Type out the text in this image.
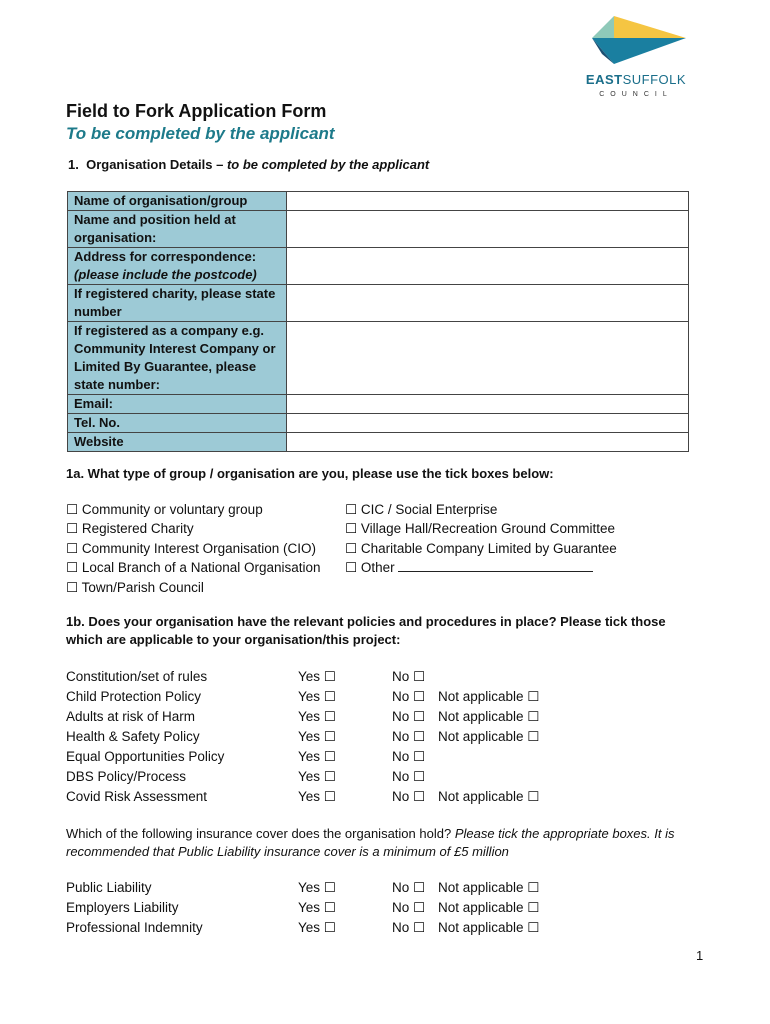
EASTSUFFOLK
COUNCIL
Field to Fork Application Form
To be completed by the applicant
1. Organisation Details – to be completed by the applicant
Name of organisation/group	
Name and position held at organisation:	
Address for correspondence:
(please include the postcode)	
If registered charity, please state number	
If registered as a company e.g. Community Interest Company or Limited By Guarantee, please state number:	
Email:	
Tel. No.	
Website	
1a. What type of group / organisation are you, please use the tick boxes below:
☐ Community or voluntary group
☐ Registered Charity
☐ Community Interest Organisation (CIO)
☐ Local Branch of a National Organisation
☐ Town/Parish Council
☐ CIC / Social Enterprise
☐ Village Hall/Recreation Ground Committee
☐ Charitable Company Limited by Guarantee
☐ Other
1b. Does your organisation have the relevant policies and procedures in place? Please tick those which are applicable to your organisation/this project:
Constitution/set of rules	Yes ☐	No ☐
Child Protection Policy	Yes ☐	No ☐ Not applicable ☐
Adults at risk of Harm	Yes ☐	No ☐ Not applicable ☐
Health & Safety Policy	Yes ☐	No ☐ Not applicable ☐
Equal Opportunities Policy	Yes ☐	No ☐
DBS Policy/Process	Yes ☐	No ☐
Covid Risk Assessment	Yes ☐	No ☐ Not applicable ☐
Which of the following insurance cover does the organisation hold? Please tick the appropriate boxes. It is recommended that Public Liability insurance cover is a minimum of £5 million
Public Liability	Yes ☐	No ☐ Not applicable ☐
Employers Liability	Yes ☐	No ☐ Not applicable ☐
Professional Indemnity	Yes ☐	No ☐ Not applicable ☐
1
